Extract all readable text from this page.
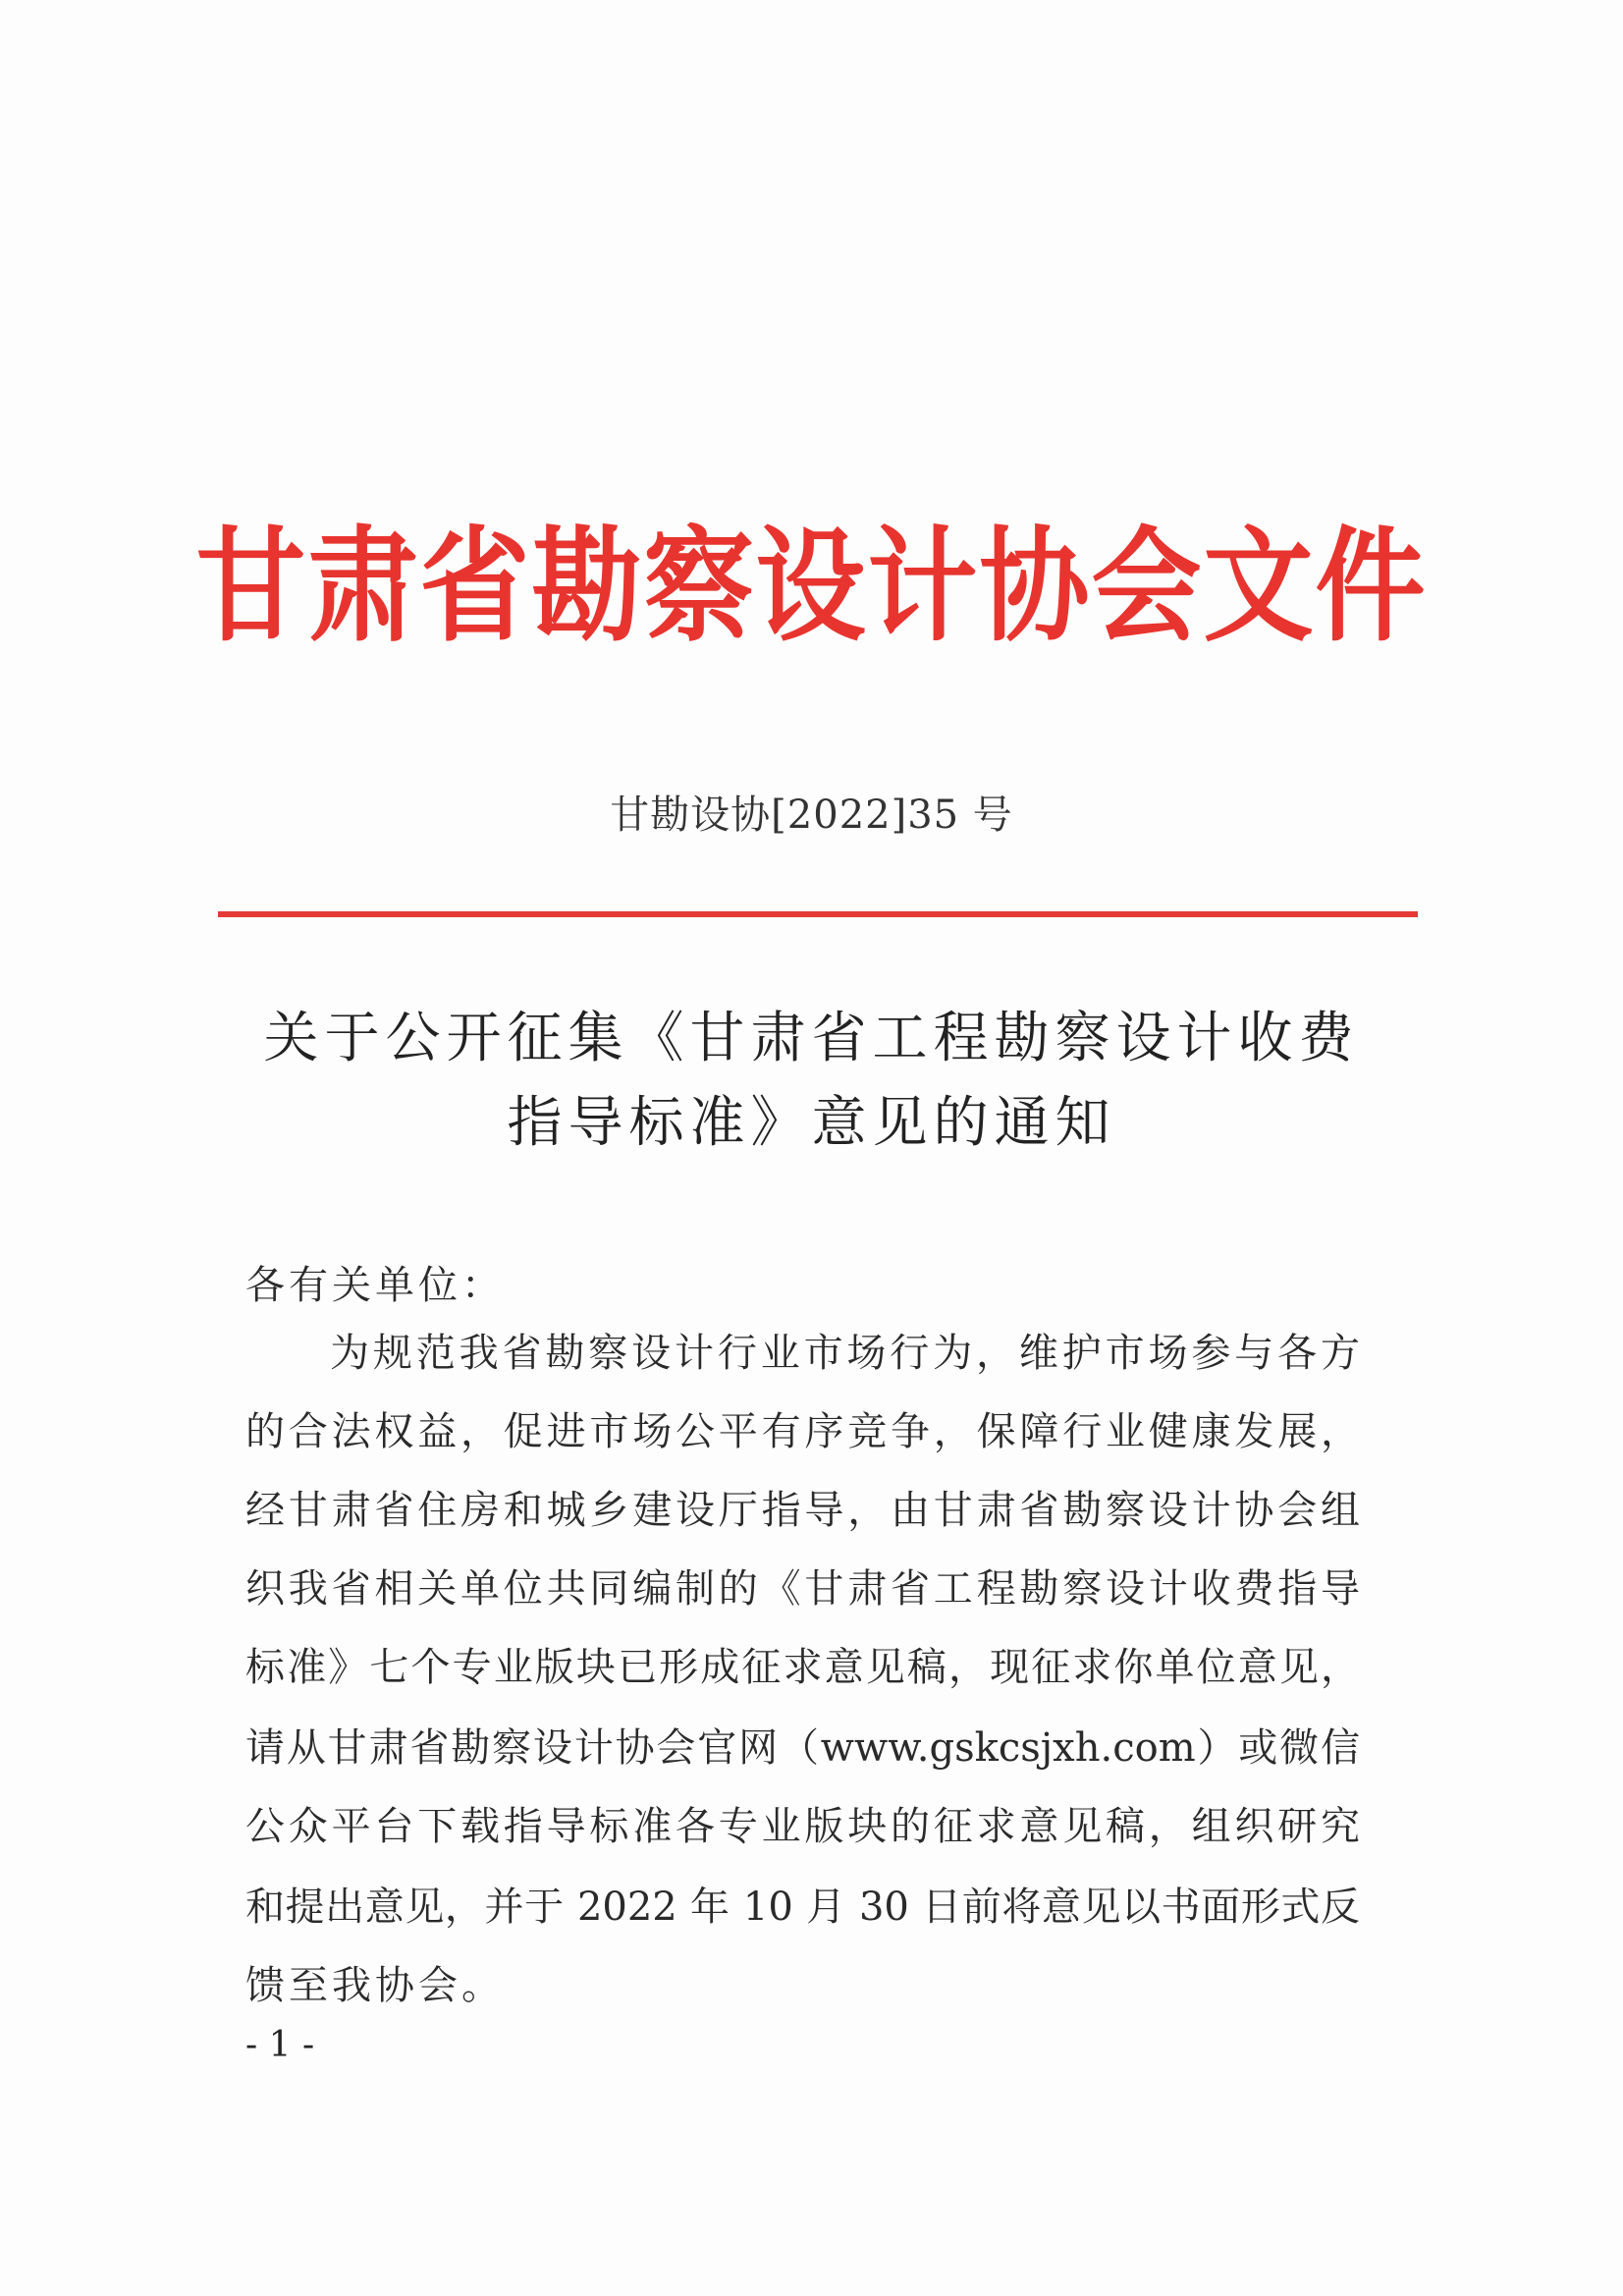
甘肃省勘察设计协会文件
甘勘设协[2022]35 号
关于公开征集《甘肃省工程勘察设计收费
指导标准》意见的通知
各有关单位：
为规范我省勘察设计行业市场行为，维护市场参与各方
的合法权益，促进市场公平有序竞争，保障行业健康发展，
经甘肃省住房和城乡建设厅指导，由甘肃省勘察设计协会组
织我省相关单位共同编制的《甘肃省工程勘察设计收费指导
标准》七个专业版块已形成征求意见稿，现征求你单位意见，
请从甘肃省勘察设计协会官网（www.gskcsjxh.com）或微信
公众平台下载指导标准各专业版块的征求意见稿，组织研究
和提出意见，并于 2022 年 10 月 30 日前将意见以书面形式反
馈至我协会。
- 1 -
